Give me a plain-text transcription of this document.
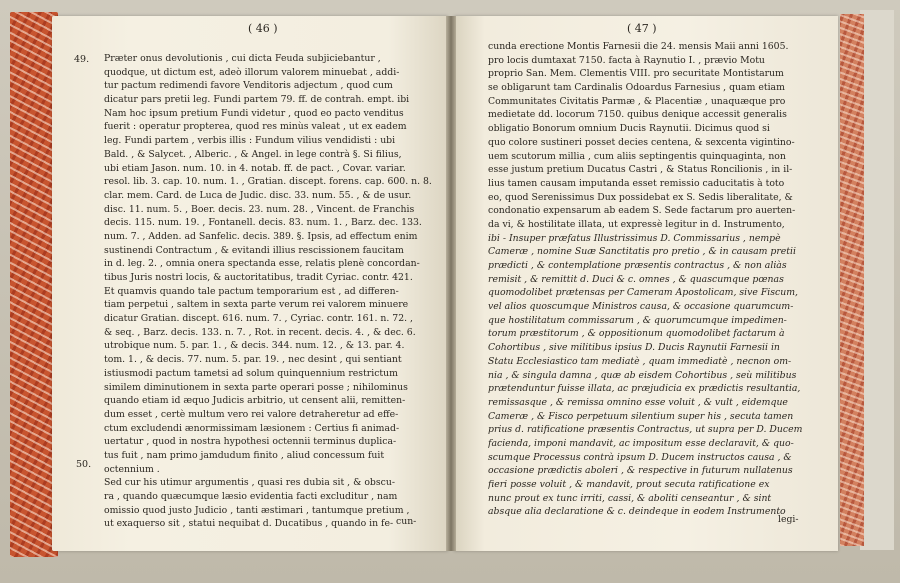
( 46 )	( 47 )
49.
50.
Præter onus devolutionis , cui dicta Feuda subjiciebantur ,
quodque, ut dictum est, adeò illorum valorem minuebat , addi-
tur pactum redimendi favore Venditoris adjectum , quod cum
dicatur pars pretii leg. Fundi partem 79. ff. de contrah. empt. ibi
Nam hoc ipsum pretium Fundi videtur , quod eo pacto venditus
fuerit : operatur propterea, quod res minùs valeat , ut ex eadem
leg. Fundi partem , verbis illis : Fundum vilius vendidisti : ubi
Bald. , & Salycet. , Alberic. , & Angel. in lege contrà §. Si filius,
ubi etiam Jason. num. 10. in 4. notab. ff. de pact. , Covar. variar.
resol. lib. 3. cap. 10. num. 1. , Gratian. discept. forens. cap. 600. n. 8.
clar. mem. Card. de Luca de Judic. disc. 33. num. 55. , & de usur.
disc. 11. num. 5. , Boer. decis. 23. num. 28. , Vincent. de Franchis
decis. 115. num. 19. , Fontanell. decis. 83. num. 1. , Barz. dec. 133.
num. 7. , Adden. ad Sanfelic. decis. 389. §. Ipsis, ad effectum enim
sustinendi Contractum , & evitandi illius rescissionem faucitam
in d. leg. 2. , omnia onera spectanda esse, relatis plenè concordan-
tibus Juris nostri locis, & auctoritatibus, tradit Cyriac. contr. 421.
Et quamvis quando tale pactum temporarium est , ad differen-
tiam perpetui , saltem in sexta parte verum rei valorem minuere
dicatur Gratian. discept. 616. num. 7. , Cyriac. contr. 161. n. 72. ,
& seq. , Barz. decis. 133. n. 7. , Rot. in recent. decis. 4. , & dec. 6.
utrobique num. 5. par. 1. , & decis. 344. num. 12. , & 13. par. 4.
tom. 1. , & decis. 77. num. 5. par. 19. , nec desint , qui sentiant
istiusmodi pactum tametsi ad solum quinquennium restrictum
similem diminutionem in sexta parte operari posse ; nihilominus
quando etiam id æquo Judicis arbitrio, ut censent alii, remitten-
dum esset , certè multum vero rei valore detraheretur ad effe-
ctum excludendi ænormissimam læsionem : Certius fi animad-
uertatur , quod in nostra hypothesi octennii terminus duplica-
tus fuit , nam primo jamdudum finito , aliud concessum fuit
octennium .
Sed cur his utimur argumentis , quasi res dubia sit , & obscu-
ra , quando quæcumque læsio evidentia facti excluditur , nam
omissio quod justo Judicio , tanti æstimari , tantumque pretium ,
ut exaquerso sit , statui nequibat d. Ducatibus , quando in fe-
cunda erectione Montis Farnesii die 24. mensis Maii anni 1605.
pro locis dumtaxat 7150. facta à Raynutio I. , prævio Motu
proprio San. Mem. Clementis VIII. pro securitate Montistarum
se obligarunt tam Cardinalis Odoardus Farnesius , quam etiam
Communitates Civitatis Parmæ , & Placentiæ , unaquæque pro
medietate dd. locorum 7150. quibus denique accessit generalis
obligatio Bonorum omnium Ducis Raynutii. Dicimus quod si
quo colore sustineri posset decies centena, & sexcenta vigintino-
uem scutorum millia , cum aliis septingentis quinquaginta, non
esse justum pretium Ducatus Castri , & Status Roncilionis , in il-
lius tamen causam imputanda esset remissio caducitatis à toto
eo, quod Serenissimus Dux possidebat ex S. Sedis liberalitate, &
condonatio expensarum ab eadem S. Sede factarum pro auerten-
da vi, & hostilitate illata, ut expressè legitur in d. Instrumento,
ibi - Insuper præfatus Illustrissimus D. Commissarius , nempè
Cameræ , nomine Suæ Sanctitatis pro pretio , & in causam pretii
prædicti , & contemplatione præsentis contractus , & non aliàs
remisit , & remittit d. Duci & c. omnes , & quascumque pœnas
quomodolibet prætensas per Cameram Apostolicam, sive Fiscum,
vel alios quoscumque Ministros causa, & occasione quarumcum-
que hostilitatum commissarum , & quorumcumque impedimen-
torum præstitorum , & oppositionum quomodolibet factarum à
Cohortibus , sive militibus ipsius D. Ducis Raynutii Farnesii in
Statu Ecclesiastico tam mediatè , quam immediatè , necnon om-
nia , & singula damna , quæ ab eisdem Cohortibus , seù militibus
prætenduntur fuisse illata, ac præjudicia ex prædictis resultantia,
remissasque , & remissa omnino esse voluit , & vult , eidemque
Cameræ , & Fisco perpetuum silentium super his , secuta tamen
prius d. ratificatione præsentis Contractus, ut supra per D. Ducem
facienda, imponi mandavit, ac impositum esse declaravit, & quo-
scumque Processus contrà ipsum D. Ducem instructos causa , &
occasione prædictis aboleri , & respective in futurum nullatenus
fieri posse voluit , & mandavit, prout secuta ratificatione ex
nunc prout ex tunc irriti, cassi, & aboliti censeantur , & sint
absque alia declaratione & c. deindeque in eodem Instrumento
cun-	legi-
